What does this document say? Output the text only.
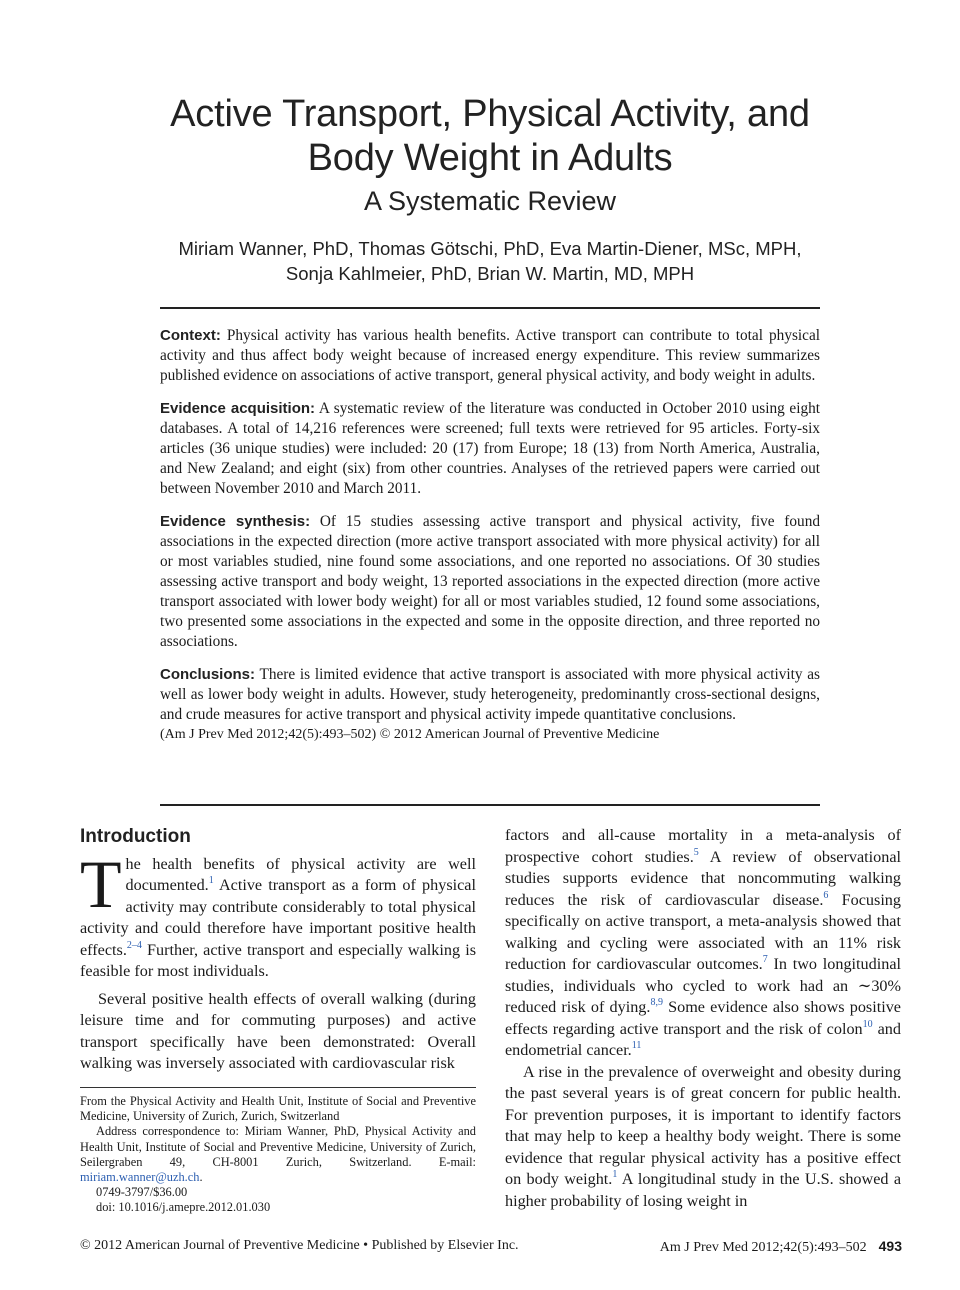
Active Transport, Physical Activity, and
Body Weight in Adults
A Systematic Review
Miriam Wanner, PhD, Thomas Götschi, PhD, Eva Martin-Diener, MSc, MPH,
Sonja Kahlmeier, PhD, Brian W. Martin, MD, MPH

Context: Physical activity has various health benefits. Active transport can contribute to total physical activity and thus affect body weight because of increased energy expenditure. This review summarizes published evidence on associations of active transport, general physical activity, and body weight in adults.

Evidence acquisition: A systematic review of the literature was conducted in October 2010 using eight databases. A total of 14,216 references were screened; full texts were retrieved for 95 articles. Forty-six articles (36 unique studies) were included: 20 (17) from Europe; 18 (13) from North America, Australia, and New Zealand; and eight (six) from other countries. Analyses of the retrieved papers were carried out between November 2010 and March 2011.

Evidence synthesis: Of 15 studies assessing active transport and physical activity, five found associations in the expected direction (more active transport associated with more physical activity) for all or most variables studied, nine found some associations, and one reported no associations. Of 30 studies assessing active transport and body weight, 13 reported associations in the expected direction (more active transport associated with lower body weight) for all or most variables studied, 12 found some associations, two presented some associations in the expected and some in the opposite direction, and three reported no associations.

Conclusions: There is limited evidence that active transport is associated with more physical activity as well as lower body weight in adults. However, study heterogeneity, predominantly cross-sectional designs, and crude measures for active transport and physical activity impede quantitative conclusions.

(Am J Prev Med 2012;42(5):493–502) © 2012 American Journal of Preventive Medicine

Introduction

The health benefits of physical activity are well documented.$^1$ Active transport as a form of physical activity may contribute considerably to total physical activity and could therefore have important positive health effects.$^{2-4}$ Further, active transport and especially walking is feasible for most individuals.

Several positive health effects of overall walking (during leisure time and for commuting purposes) and active transport specifically have been demonstrated: Overall walking was inversely associated with cardiovascular risk

From the Physical Activity and Health Unit, Institute of Social and Preventive Medicine, University of Zurich, Zurich, Switzerland

Address correspondence to: Miriam Wanner, PhD, Physical Activity and Health Unit, Institute of Social and Preventive Medicine, University of Zurich, Seilergraben 49, CH-8001 Zurich, Switzerland. E-mail: miriam.wanner@uzh.ch.

0749-3797/$36.00

doi: 10.1016/j.amepre.2012.01.030

factors and all-cause mortality in a meta-analysis of prospective cohort studies.$^5$ A review of observational studies supports evidence that noncommuting walking reduces the risk of cardiovascular disease.$^6$ Focusing specifically on active transport, a meta-analysis showed that walking and cycling were associated with an 11% risk reduction for cardiovascular outcomes.$^7$ In two longitudinal studies, individuals who cycled to work had an ∼30% reduced risk of dying.$^{8,9}$ Some evidence also shows positive effects regarding active transport and the risk of colon$^{10}$ and endometrial cancer.$^{11}$

A rise in the prevalence of overweight and obesity during the past several years is of great concern for public health. For prevention purposes, it is important to identify factors that may help to keep a healthy body weight. There is some evidence that regular physical activity has a positive effect on body weight.$^1$ A longitudinal study in the U.S. showed a higher probability of losing weight in

© 2012 American Journal of Preventive Medicine • Published by Elsevier Inc.	Am J Prev Med 2012;42(5):493–502 493
